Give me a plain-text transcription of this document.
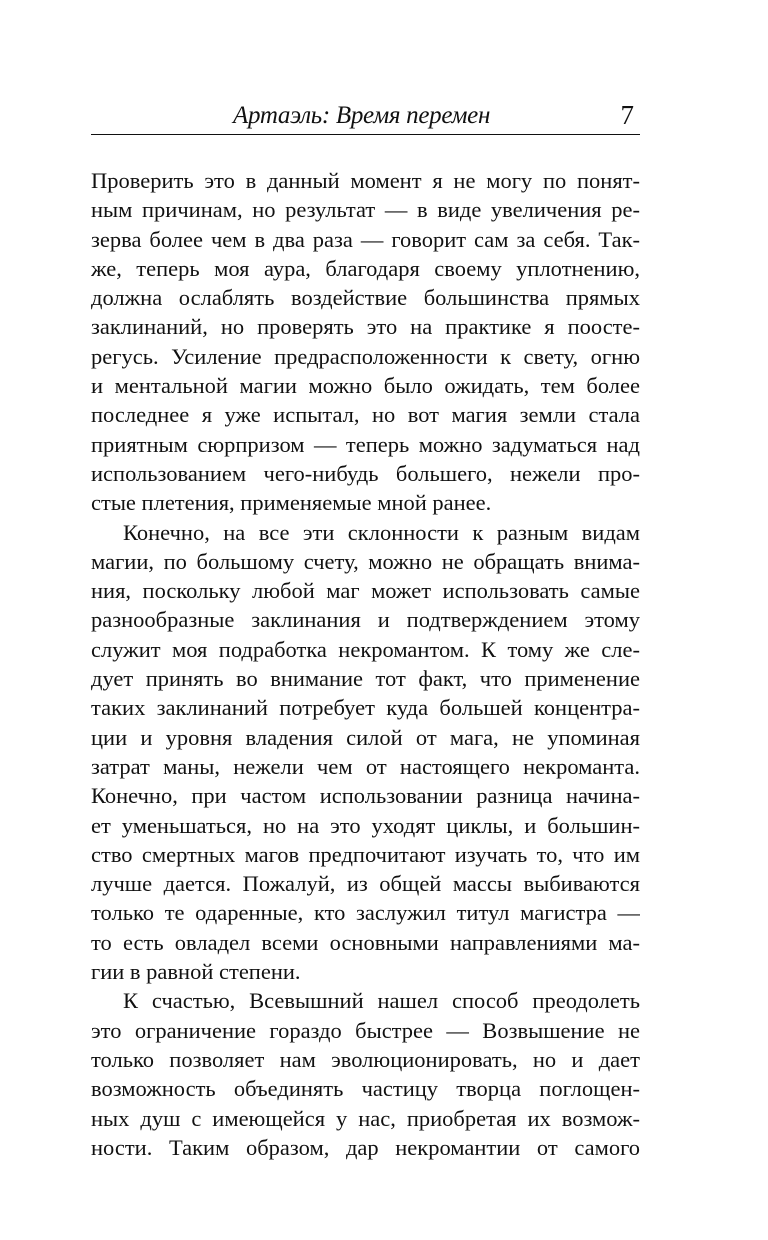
Артаэль: Время перемен	7
Проверить это в данный момент я не могу по понят-
ным причинам, но результат — в виде увеличения ре-
зерва более чем в два раза — говорит сам за себя. Так-
же, теперь моя аура, благодаря своему уплотнению,
должна ослаблять воздействие большинства прямых
заклинаний, но проверять это на практике я поосте-
регусь. Усиление предрасположенности к свету, огню
и ментальной магии можно было ожидать, тем более
последнее я уже испытал, но вот магия земли стала
приятным сюрпризом — теперь можно задуматься над
использованием чего-нибудь большего, нежели про-
стые плетения, применяемые мной ранее.
Конечно, на все эти склонности к разным видам
магии, по большому счету, можно не обращать внима-
ния, поскольку любой маг может использовать самые
разнообразные заклинания и подтверждением этому
служит моя подработка некромантом. К тому же сле-
дует принять во внимание тот факт, что применение
таких заклинаний потребует куда большей концентра-
ции и уровня владения силой от мага, не упоминая
затрат маны, нежели чем от настоящего некроманта.
Конечно, при частом использовании разница начина-
ет уменьшаться, но на это уходят циклы, и большин-
ство смертных магов предпочитают изучать то, что им
лучше дается. Пожалуй, из общей массы выбиваются
только те одаренные, кто заслужил титул магистра —
то есть овладел всеми основными направлениями ма-
гии в равной степени.
К счастью, Всевышний нашел способ преодолеть
это ограничение гораздо быстрее — Возвышение не
только позволяет нам эволюционировать, но и дает
возможность объединять частицу творца поглощен-
ных душ с имеющейся у нас, приобретая их возмож-
ности. Таким образом, дар некромантии от самого
